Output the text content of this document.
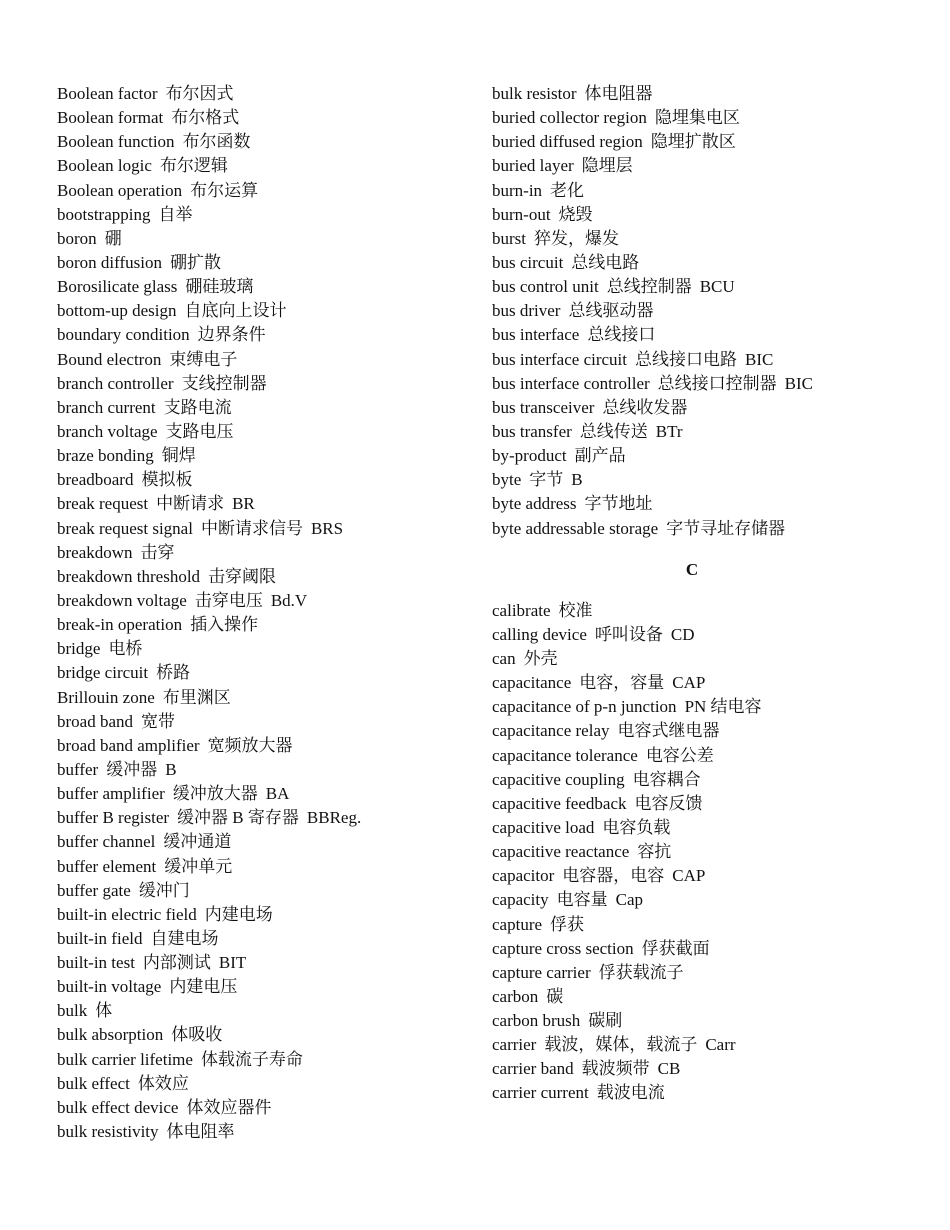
Boolean factor 布尔因式
Boolean format 布尔格式
Boolean function 布尔函数
Boolean logic 布尔逻辑
Boolean operation 布尔运算
bootstrapping 自举
boron 硼
boron diffusion 硼扩散
Borosilicate glass 硼硅玻璃
bottom-up design 自底向上设计
boundary condition 边界条件
Bound electron 束缚电子
branch controller 支线控制器
branch current 支路电流
branch voltage 支路电压
braze bonding 铜焊
breadboard 模拟板
break request 中断请求 BR
break request signal 中断请求信号 BRS
breakdown 击穿
breakdown threshold 击穿阈限
breakdown voltage 击穿电压 Bd.V
break-in operation 插入操作
bridge 电桥
bridge circuit 桥路
Brillouin zone 布里渊区
broad band 宽带
broad band amplifier 宽频放大器
buffer 缓冲器 B
buffer amplifier 缓冲放大器 BA
buffer B register 缓冲器 B 寄存器 BBReg.
buffer channel 缓冲通道
buffer element 缓冲单元
buffer gate 缓冲门
built-in electric field 内建电场
built-in field 自建电场
built-in test 内部测试 BIT
built-in voltage 内建电压
bulk 体
bulk absorption 体吸收
bulk carrier lifetime 体载流子寿命
bulk effect 体效应
bulk effect device 体效应器件
bulk resistivity 体电阻率
bulk resistor 体电阻器
buried collector region 隐埋集电区
buried diffused region 隐埋扩散区
buried layer 隐埋层
burn-in 老化
burn-out 烧毁
burst 猝发，爆发
bus circuit 总线电路
bus control unit 总线控制器 BCU
bus driver 总线驱动器
bus interface 总线接口
bus interface circuit 总线接口电路 BIC
bus interface controller 总线接口控制器 BIC
bus transceiver 总线收发器
bus transfer 总线传送 BTr
by-product 副产品
byte 字节 B
byte address 字节地址
byte addressable storage 字节寻址存储器
C
calibrate 校准
calling device 呼叫设备 CD
can 外壳
capacitance 电容，容量 CAP
capacitance of p-n junction PN 结电容
capacitance relay 电容式继电器
capacitance tolerance 电容公差
capacitive coupling 电容耦合
capacitive feedback 电容反馈
capacitive load 电容负载
capacitive reactance 容抗
capacitor 电容器，电容 CAP
capacity 电容量 Cap
capture 俘获
capture cross section 俘获截面
capture carrier 俘获载流子
carbon 碳
carbon brush 碳刷
carrier 载波，媒体，载流子 Carr
carrier band 载波频带 CB
carrier current 载波电流
